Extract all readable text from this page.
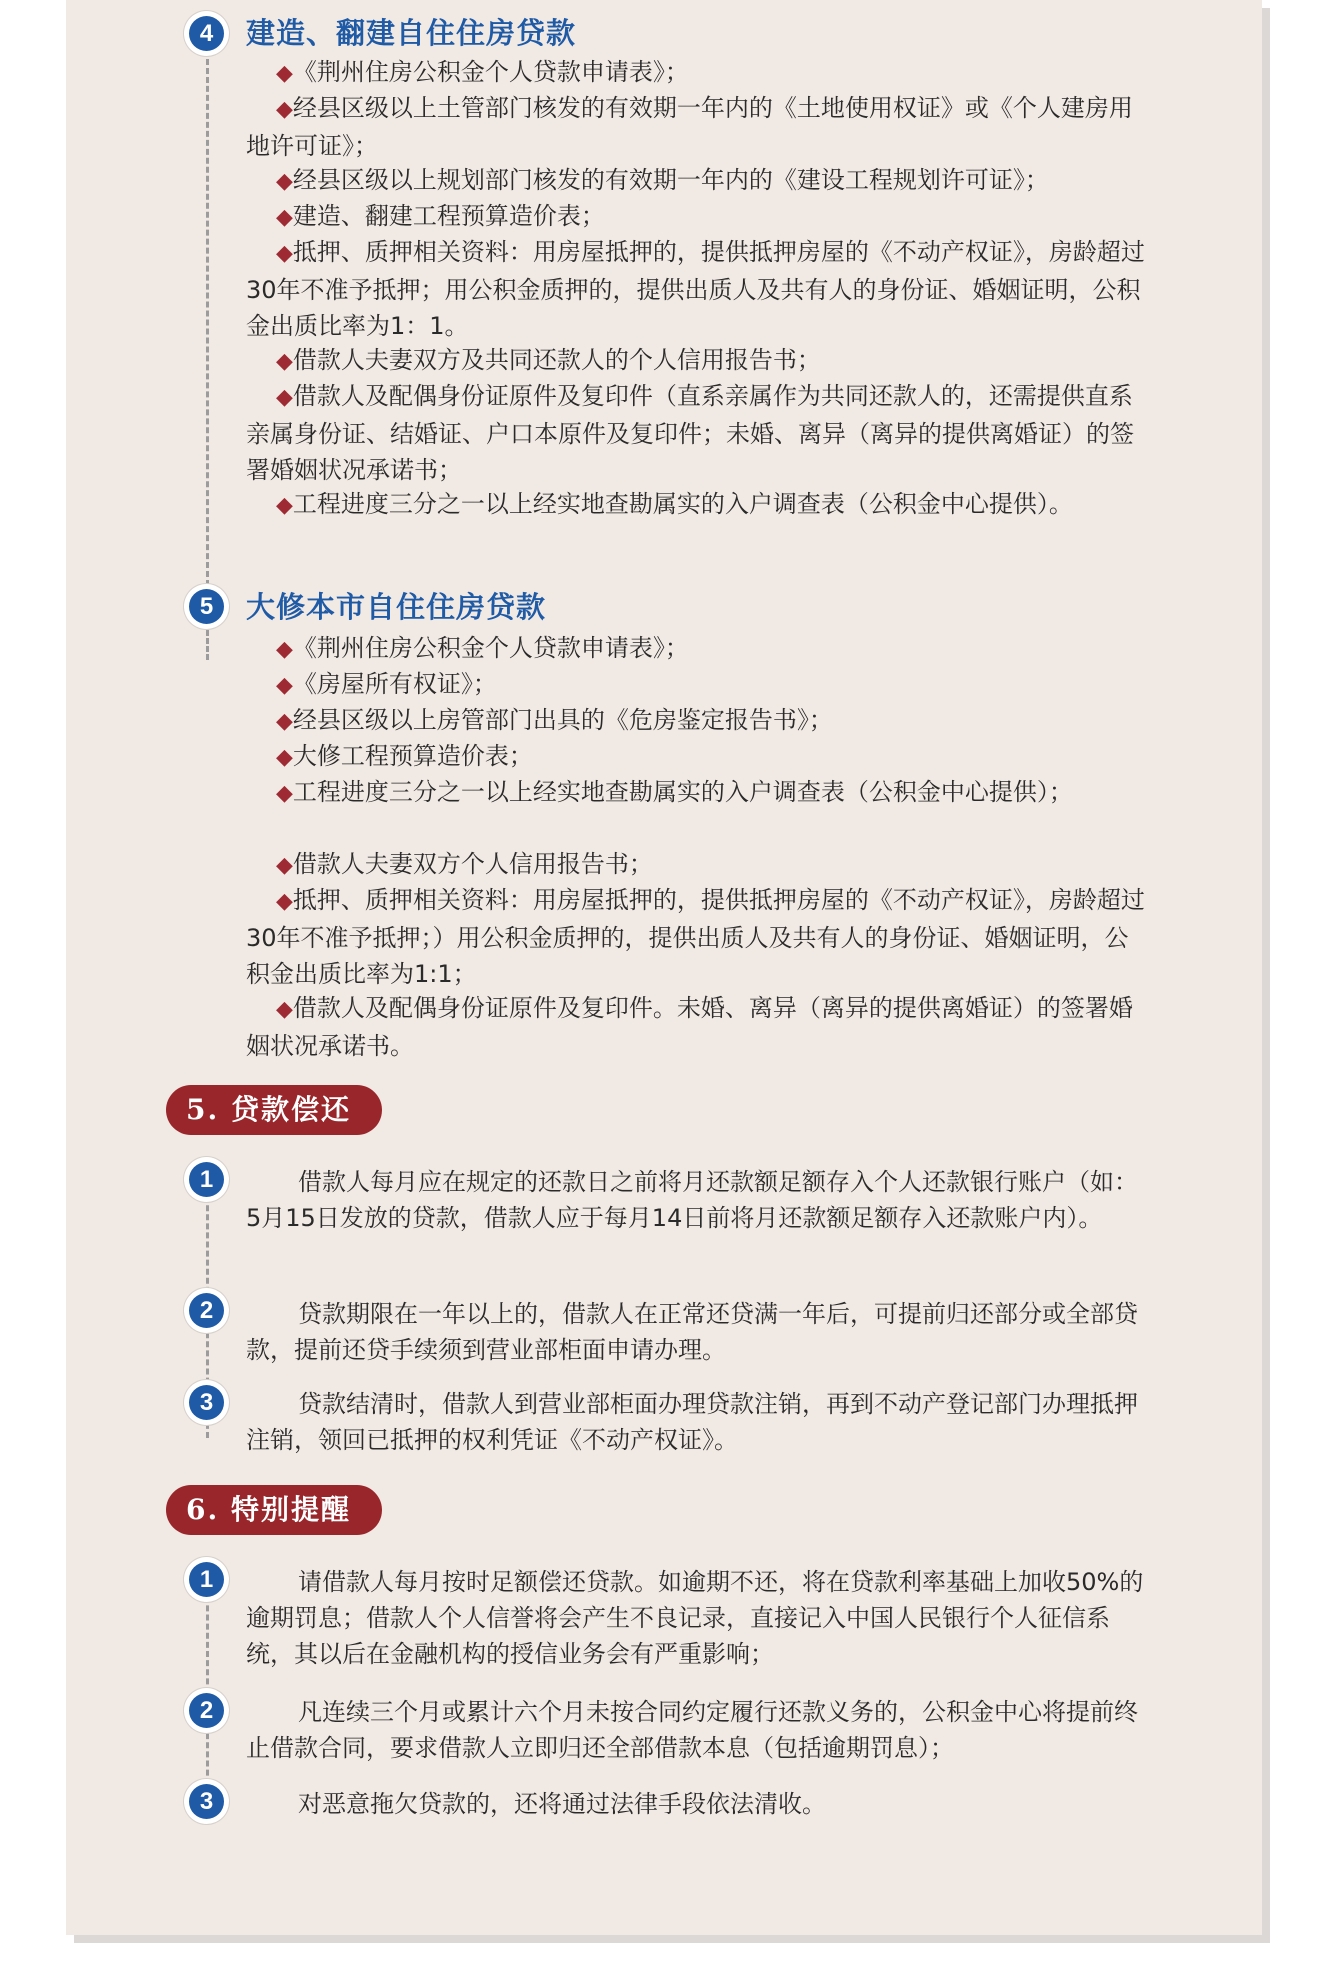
4	建造、翻建自住住房贷款
◆《荆州住房公积金个人贷款申请表》；
◆经县区级以上土管部门核发的有效期一年内的《土地使用权证》或《个人建房用地许可证》；
◆经县区级以上规划部门核发的有效期一年内的《建设工程规划许可证》；
◆建造、翻建工程预算造价表；
◆抵押、质押相关资料：用房屋抵押的，提供抵押房屋的《不动产权证》，房龄超过30年不准予抵押；用公积金质押的，提供出质人及共有人的身份证、婚姻证明，公积金出质比率为1：1。
◆借款人夫妻双方及共同还款人的个人信用报告书；
◆借款人及配偶身份证原件及复印件（直系亲属作为共同还款人的，还需提供直系亲属身份证、结婚证、户口本原件及复印件；未婚、离异（离异的提供离婚证）的签署婚姻状况承诺书；
◆工程进度三分之一以上经实地查勘属实的入户调查表（公积金中心提供）。
5	大修本市自住住房贷款
◆《荆州住房公积金个人贷款申请表》；
◆《房屋所有权证》；
◆经县区级以上房管部门出具的《危房鉴定报告书》；
◆大修工程预算造价表；
◆工程进度三分之一以上经实地查勘属实的入户调查表（公积金中心提供）；
◆借款人夫妻双方个人信用报告书；
◆抵押、质押相关资料：用房屋抵押的，提供抵押房屋的《不动产权证》，房龄超过30年不准予抵押；）用公积金质押的，提供出质人及共有人的身份证、婚姻证明，公积金出质比率为1:1；
◆借款人及配偶身份证原件及复印件。未婚、离异（离异的提供离婚证）的签署婚姻状况承诺书。
5. 贷款偿还
1	借款人每月应在规定的还款日之前将月还款额足额存入个人还款银行账户（如：5月15日发放的贷款，借款人应于每月14日前将月还款额足额存入还款账户内）。
2	贷款期限在一年以上的，借款人在正常还贷满一年后，可提前归还部分或全部贷款，提前还贷手续须到营业部柜面申请办理。
3	贷款结清时，借款人到营业部柜面办理贷款注销，再到不动产登记部门办理抵押注销，领回已抵押的权利凭证《不动产权证》。
6. 特别提醒
1	请借款人每月按时足额偿还贷款。如逾期不还，将在贷款利率基础上加收50%的逾期罚息；借款人个人信誉将会产生不良记录，直接记入中国人民银行个人征信系统，其以后在金融机构的授信业务会有严重影响；
2	凡连续三个月或累计六个月未按合同约定履行还款义务的，公积金中心将提前终止借款合同，要求借款人立即归还全部借款本息（包括逾期罚息）；
3	对恶意拖欠贷款的，还将通过法律手段依法清收。
